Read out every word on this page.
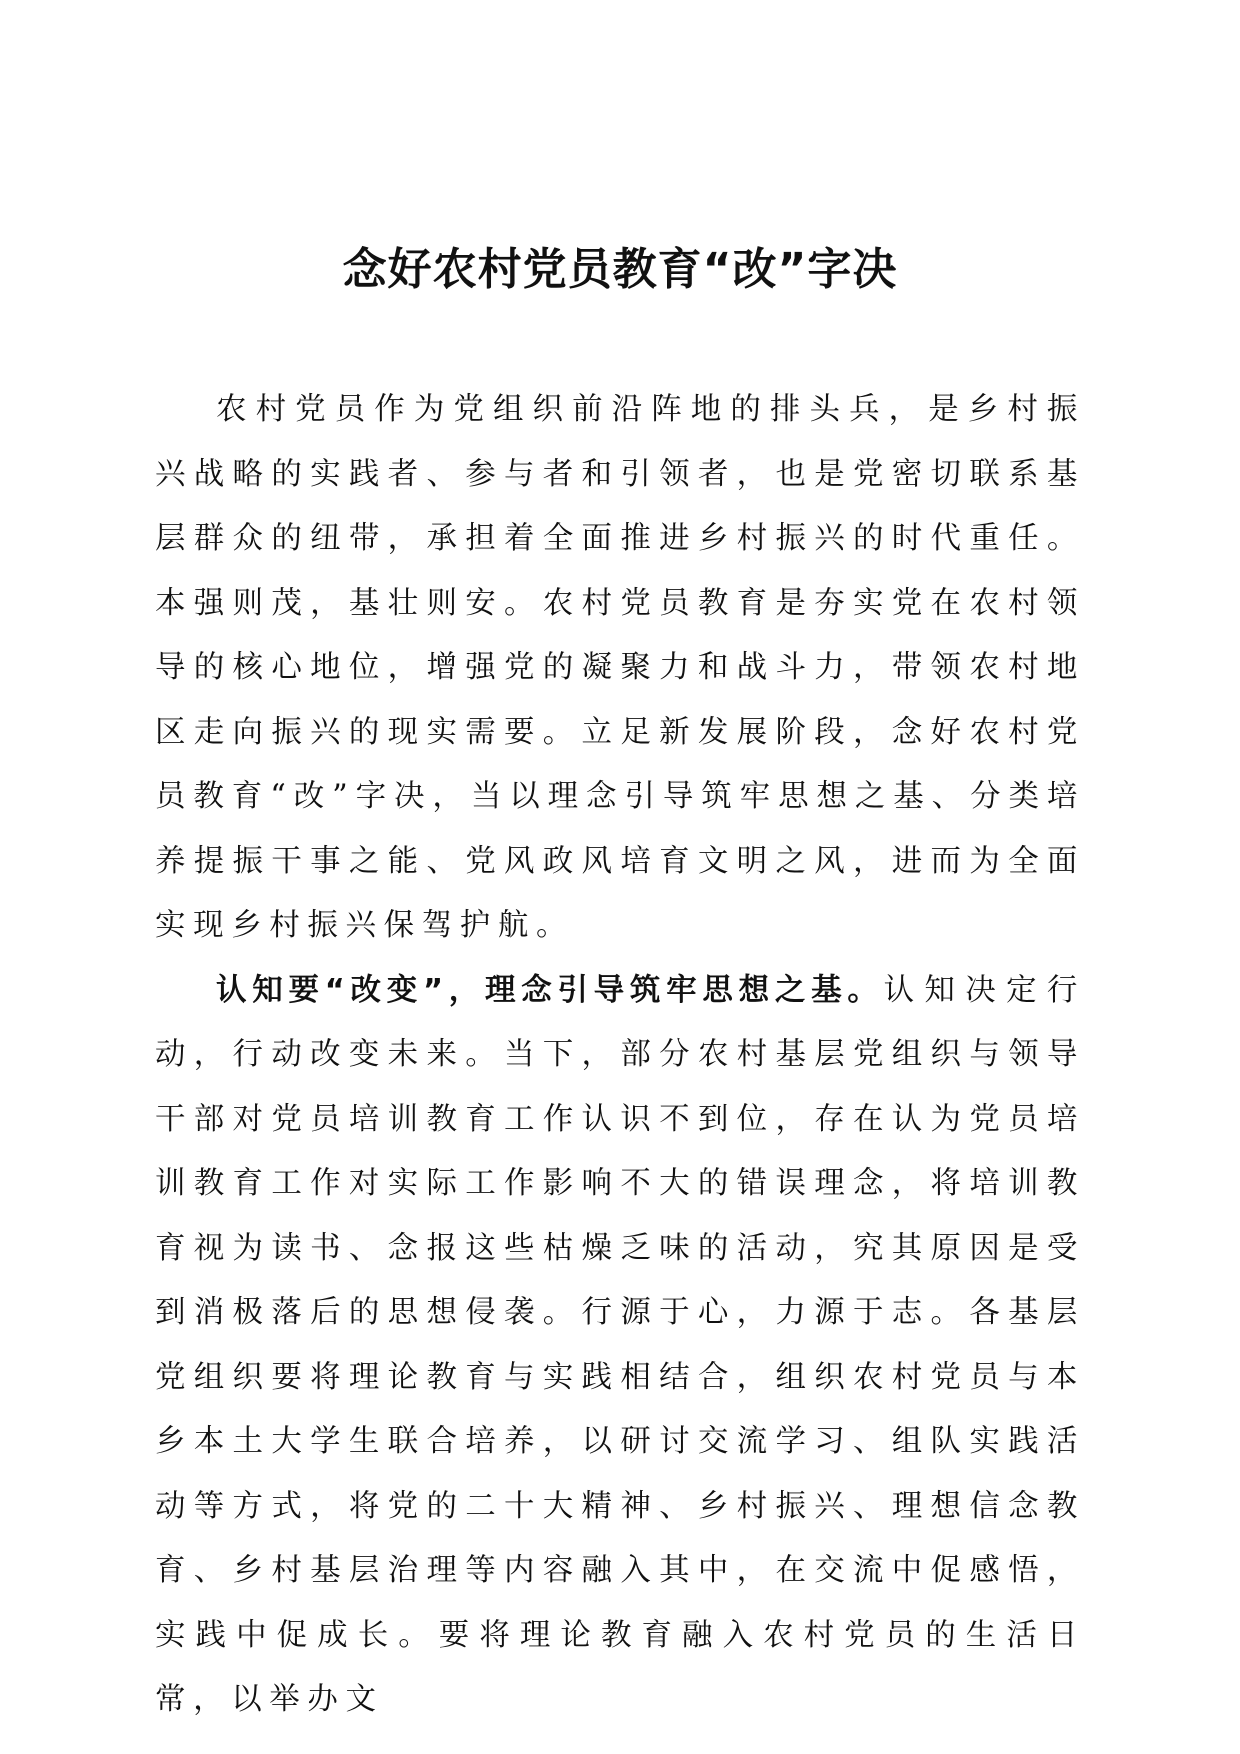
念好农村党员教育“改”字决

农村党员作为党组织前沿阵地的排头兵，是乡村振兴战略的实践者、参与者和引领者，也是党密切联系基层群众的纽带，承担着全面推进乡村振兴的时代重任。本强则茂，基壮则安。农村党员教育是夯实党在农村领导的核心地位，增强党的凝聚力和战斗力，带领农村地区走向振兴的现实需要。立足新发展阶段，念好农村党员教育“改”字决，当以理念引导筑牢思想之基、分类培养提振干事之能、党风政风培育文明之风，进而为全面实现乡村振兴保驾护航。

认知要“改变”，理念引导筑牢思想之基。认知决定行动，行动改变未来。当下，部分农村基层党组织与领导干部对党员培训教育工作认识不到位，存在认为党员培训教育工作对实际工作影响不大的错误理念，将培训教育视为读书、念报这些枯燥乏味的活动，究其原因是受到消极落后的思想侵袭。行源于心，力源于志。各基层党组织要将理论教育与实践相结合，组织农村党员与本乡本土大学生联合培养，以研讨交流学习、组队实践活动等方式，将党的二十大精神、乡村振兴、理想信念教育、乡村基层治理等内容融入其中，在交流中促感悟，实践中促成长。要将理论教育融入农村党员的生活日常，以举办文
